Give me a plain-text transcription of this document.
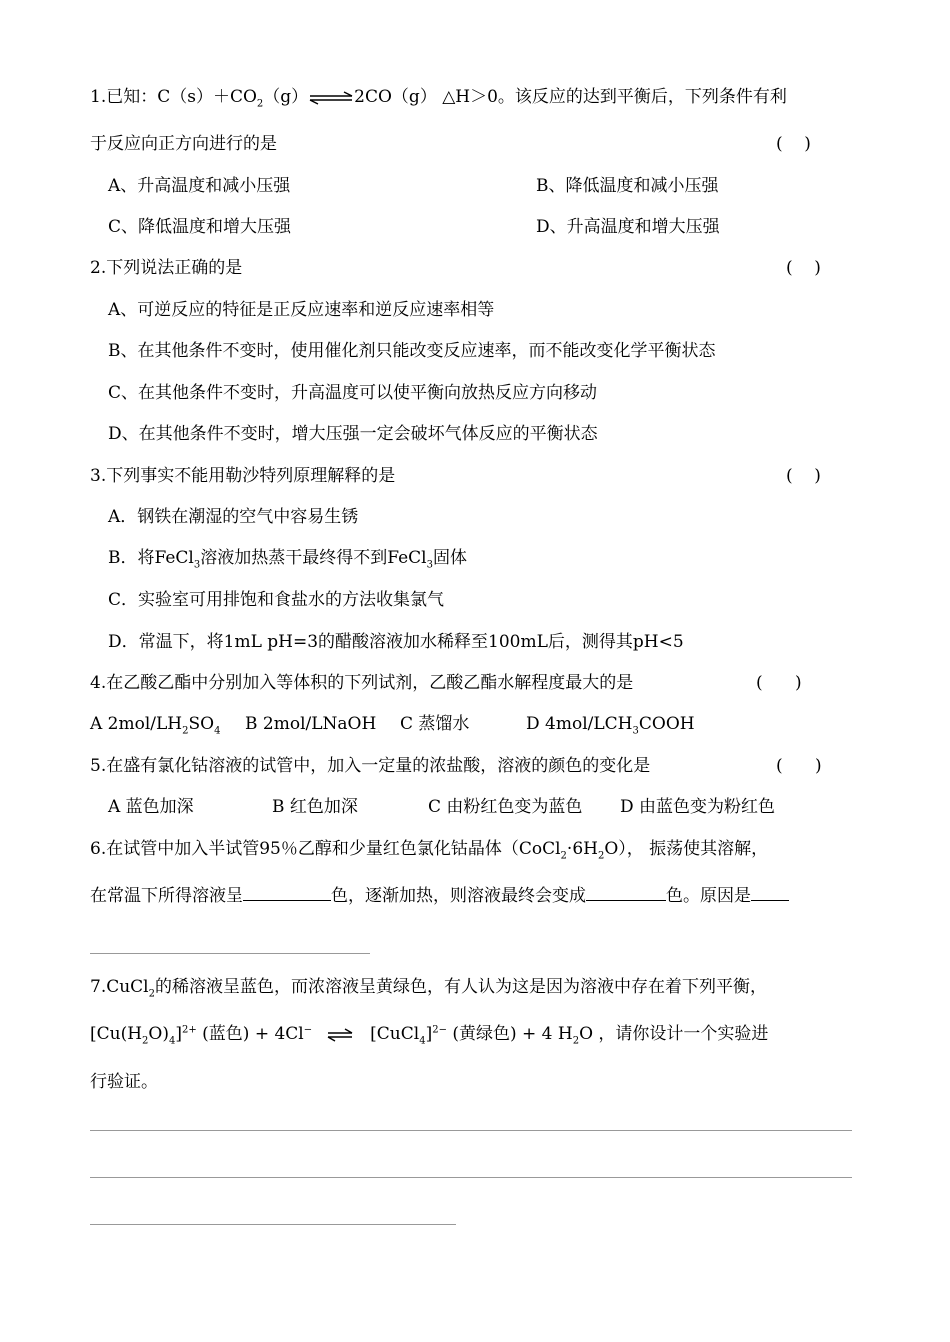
1.已知：$C(s)+CO_2(g)\rightleftharpoons 2CO(g)$ △H＞0。该反应的达到平衡后，下列条件有利
于反应向正方向进行的是	(    )
A、升高温度和减小压强	B、降低温度和减小压强
C、降低温度和增大压强	D、升高温度和增大压强
2.下列说法正确的是	(    )
A、可逆反应的特征是正反应速率和逆反应速率相等
B、在其他条件不变时，使用催化剂只能改变反应速率，而不能改变化学平衡状态
C、在其他条件不变时，升高温度可以使平衡向放热反应方向移动
D、在其他条件不变时，增大压强一定会破坏气体反应的平衡状态
3.下列事实不能用勒沙特列原理解释的是	(    )
A．钢铁在潮湿的空气中容易生锈
B．将FeCl$_3$溶液加热蒸干最终得不到FeCl$_3$固体
C．实验室可用排饱和食盐水的方法收集氯气
D．常温下，将1mL pH=3的醋酸溶液加水稀释至100mL后，测得其pH<5
4.在乙酸乙酯中分别加入等体积的下列试剂，乙酸乙酯水解程度最大的是	(      )
A $2mol/LH_2SO_4$ B 2mol/LNaOH C 蒸馏水	D $4mol/LCH_3COOH$
5.在盛有氯化钴溶液的试管中，加入一定量的浓盐酸，溶液的颜色的变化是	(      )
A 蓝色加深	B 红色加深	C 由粉红色变为蓝色 D 由蓝色变为粉红色
6.在试管中加入半试管95％乙醇和少量红色氯化钴晶体$(CoCl_2\cdot 6H_2O)$， 振荡使其溶解，
在常温下所得溶液呈	色，逐渐加热，则溶液最终会变成	色。原因是
7.CuCl$_2$的稀溶液呈蓝色，而浓溶液呈黄绿色，有人认为这是因为溶液中存在着下列平衡，
$[Cu(H_2O)_4]^{2+}$ (蓝色) + 4Cl− ⇌ [CuCl$_4$]$^{2-}$ (黄绿色) + 4 $H_2O$ ，请你设计一个实验进
行验证。
